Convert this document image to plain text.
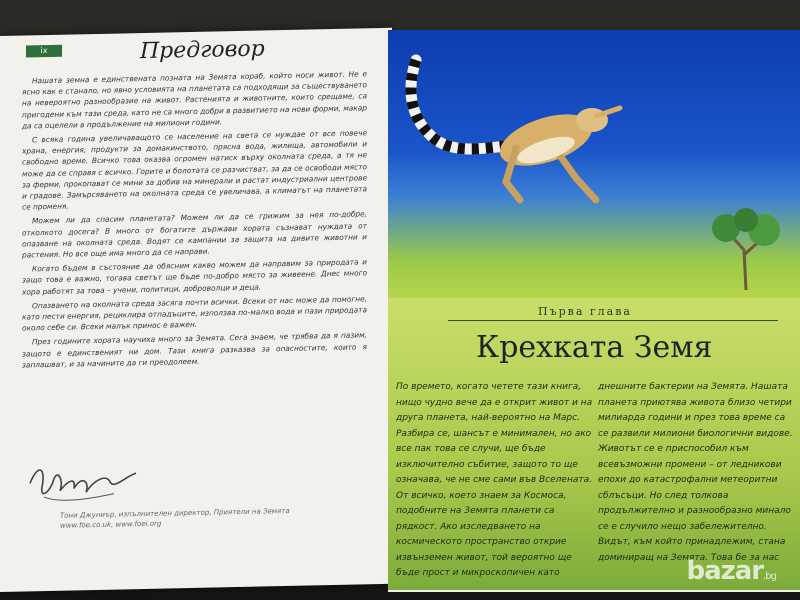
ix	Предговор

Нашата земна е единствената позната на Земята кораб, който носи живот. Не е ясно как е станало, но явно условията на планетата са подходящи за съществуването на невероятно разнообразие на живот. Растенията и животните, които срещаме, са пригодени към тази среда, като не са много добри в развитието на нови форми, макар да са оцелели в продължение на милиони години.

С всяка година увеличаващото се население на света се нуждае от все повече храна, енергия, продукти за домакинството, прясна вода, жилища, автомобили и свободно време. Всичко това оказва огромен натиск върху околната среда, а тя не може да се справя с всичко. Горите и болотата се разчистват, за да се освободи място за ферми, прокопават се мини за добив на минерали и растат индустриални центрове и градове. Замърсяването на околната среда се увеличава, а климатът на планетата се променя.

Можем ли да спасим планетата? Можем ли да се грижим за нея по-добре, отколкото досега? В много от богатите държави хората съзнават нуждата от опазване на околната среда. Водят се кампании за защита на дивите животни и растения. Но все още има много да се направи.

Когато бъдем в състояние да обясним какво можем да направим за природата и защо това е важно, тогава светът ще бъде по-добро място за живеене. Днес много хора работят за това – учени, политици, доброволци и деца.

Опазването на околната среда засяга почти всички. Всеки от нас може да помогне, като пести енергия, рециклира отпадъците, използва по-малко вода и пази природата около себе си. Всеки малък принос е важен.

През годините хората научиха много за Земята. Сега знаем, че трябва да я пазим, защото е единственият ни дом. Тази книга разказва за опасностите, които я заплашват, и за начините да ги преодолеем.

Тони Джуниър, изпълнителен директор, Приятели на Земята
www.foe.co.uk, www.foei.org
Първа глава
Крехката Земя

По времето, когато четете тази книга, нищо чудно вече да е открит живот и на друга планета, най-вероятно на Марс. Разбира се, шансът е минимален, но ако все пак това се случи, ще бъде изключително събитие, защото то ще означава, че не сме сами във Вселената. От всичко, което знаем за Космоса, подобните на Земята планети са рядкост. Ако изследването на космическото пространство открие извънземен живот, той вероятно ще бъде прост и микроскопичен като

днешните бактерии на Земята. Нашата планета приютява живота близо четири милиарда години и през това време са се развили милиони биологични видове. Животът се е приспособил към всевъзможни промени – от ледникови епохи до катастрофални метеоритни сблъсъци. Но след толкова продължително и разнообразно минало се е случило нещо забележително. Видът, към който принадлежим, стана доминиращ на Земята. Това бе за нас

bazar.bg
